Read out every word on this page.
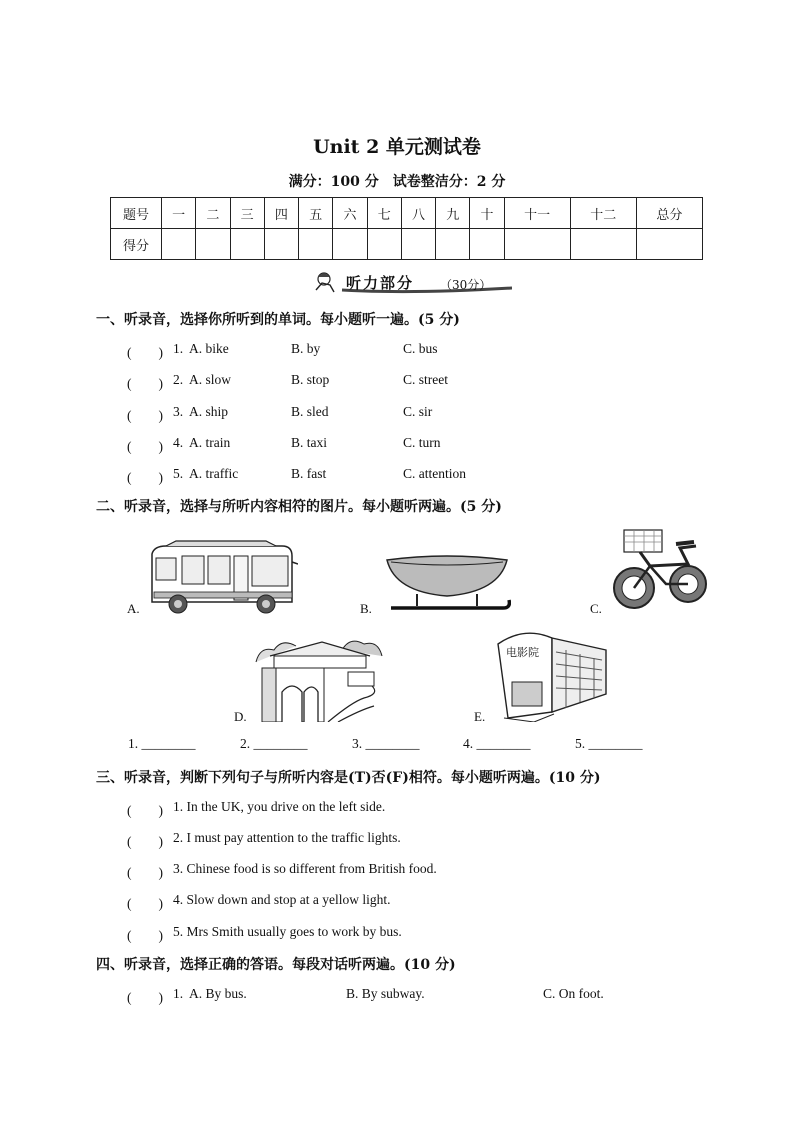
Unit 2 单元测试卷
满分：100 分　试卷整洁分：2 分
题号	一	二	三	四	五	六	七	八	九	十	十一	十二	总分
得分													
听力部分 （30分）
一、听录音，选择你所听到的单词。每小题听一遍。(5 分)
(　　) 1. A. bike	B. by	C. bus
(　　) 2. A. slow	B. stop	C. street
(　　) 3. A. ship	B. sled	C. sir
(　　) 4. A. train	B. taxi	C. turn
(　　) 5. A. traffic	B. fast	C. attention
二、听录音，选择与所听内容相符的图片。每小题听两遍。(5 分)
A.	B.	C.
D.	E.
电影院
1. ________	2. ________	3. ________	4. ________	5. ________
三、听录音，判断下列句子与所听内容是(T)否(F)相符。每小题听两遍。(10 分)
(　　) 1. In the UK, you drive on the left side.
(　　) 2. I must pay attention to the traffic lights.
(　　) 3. Chinese food is so different from British food.
(　　) 4. Slow down and stop at a yellow light.
(　　) 5. Mrs Smith usually goes to work by bus.
四、听录音，选择正确的答语。每段对话听两遍。(10 分)
(　　) 1. A. By bus.	B. By subway.	C. On foot.
